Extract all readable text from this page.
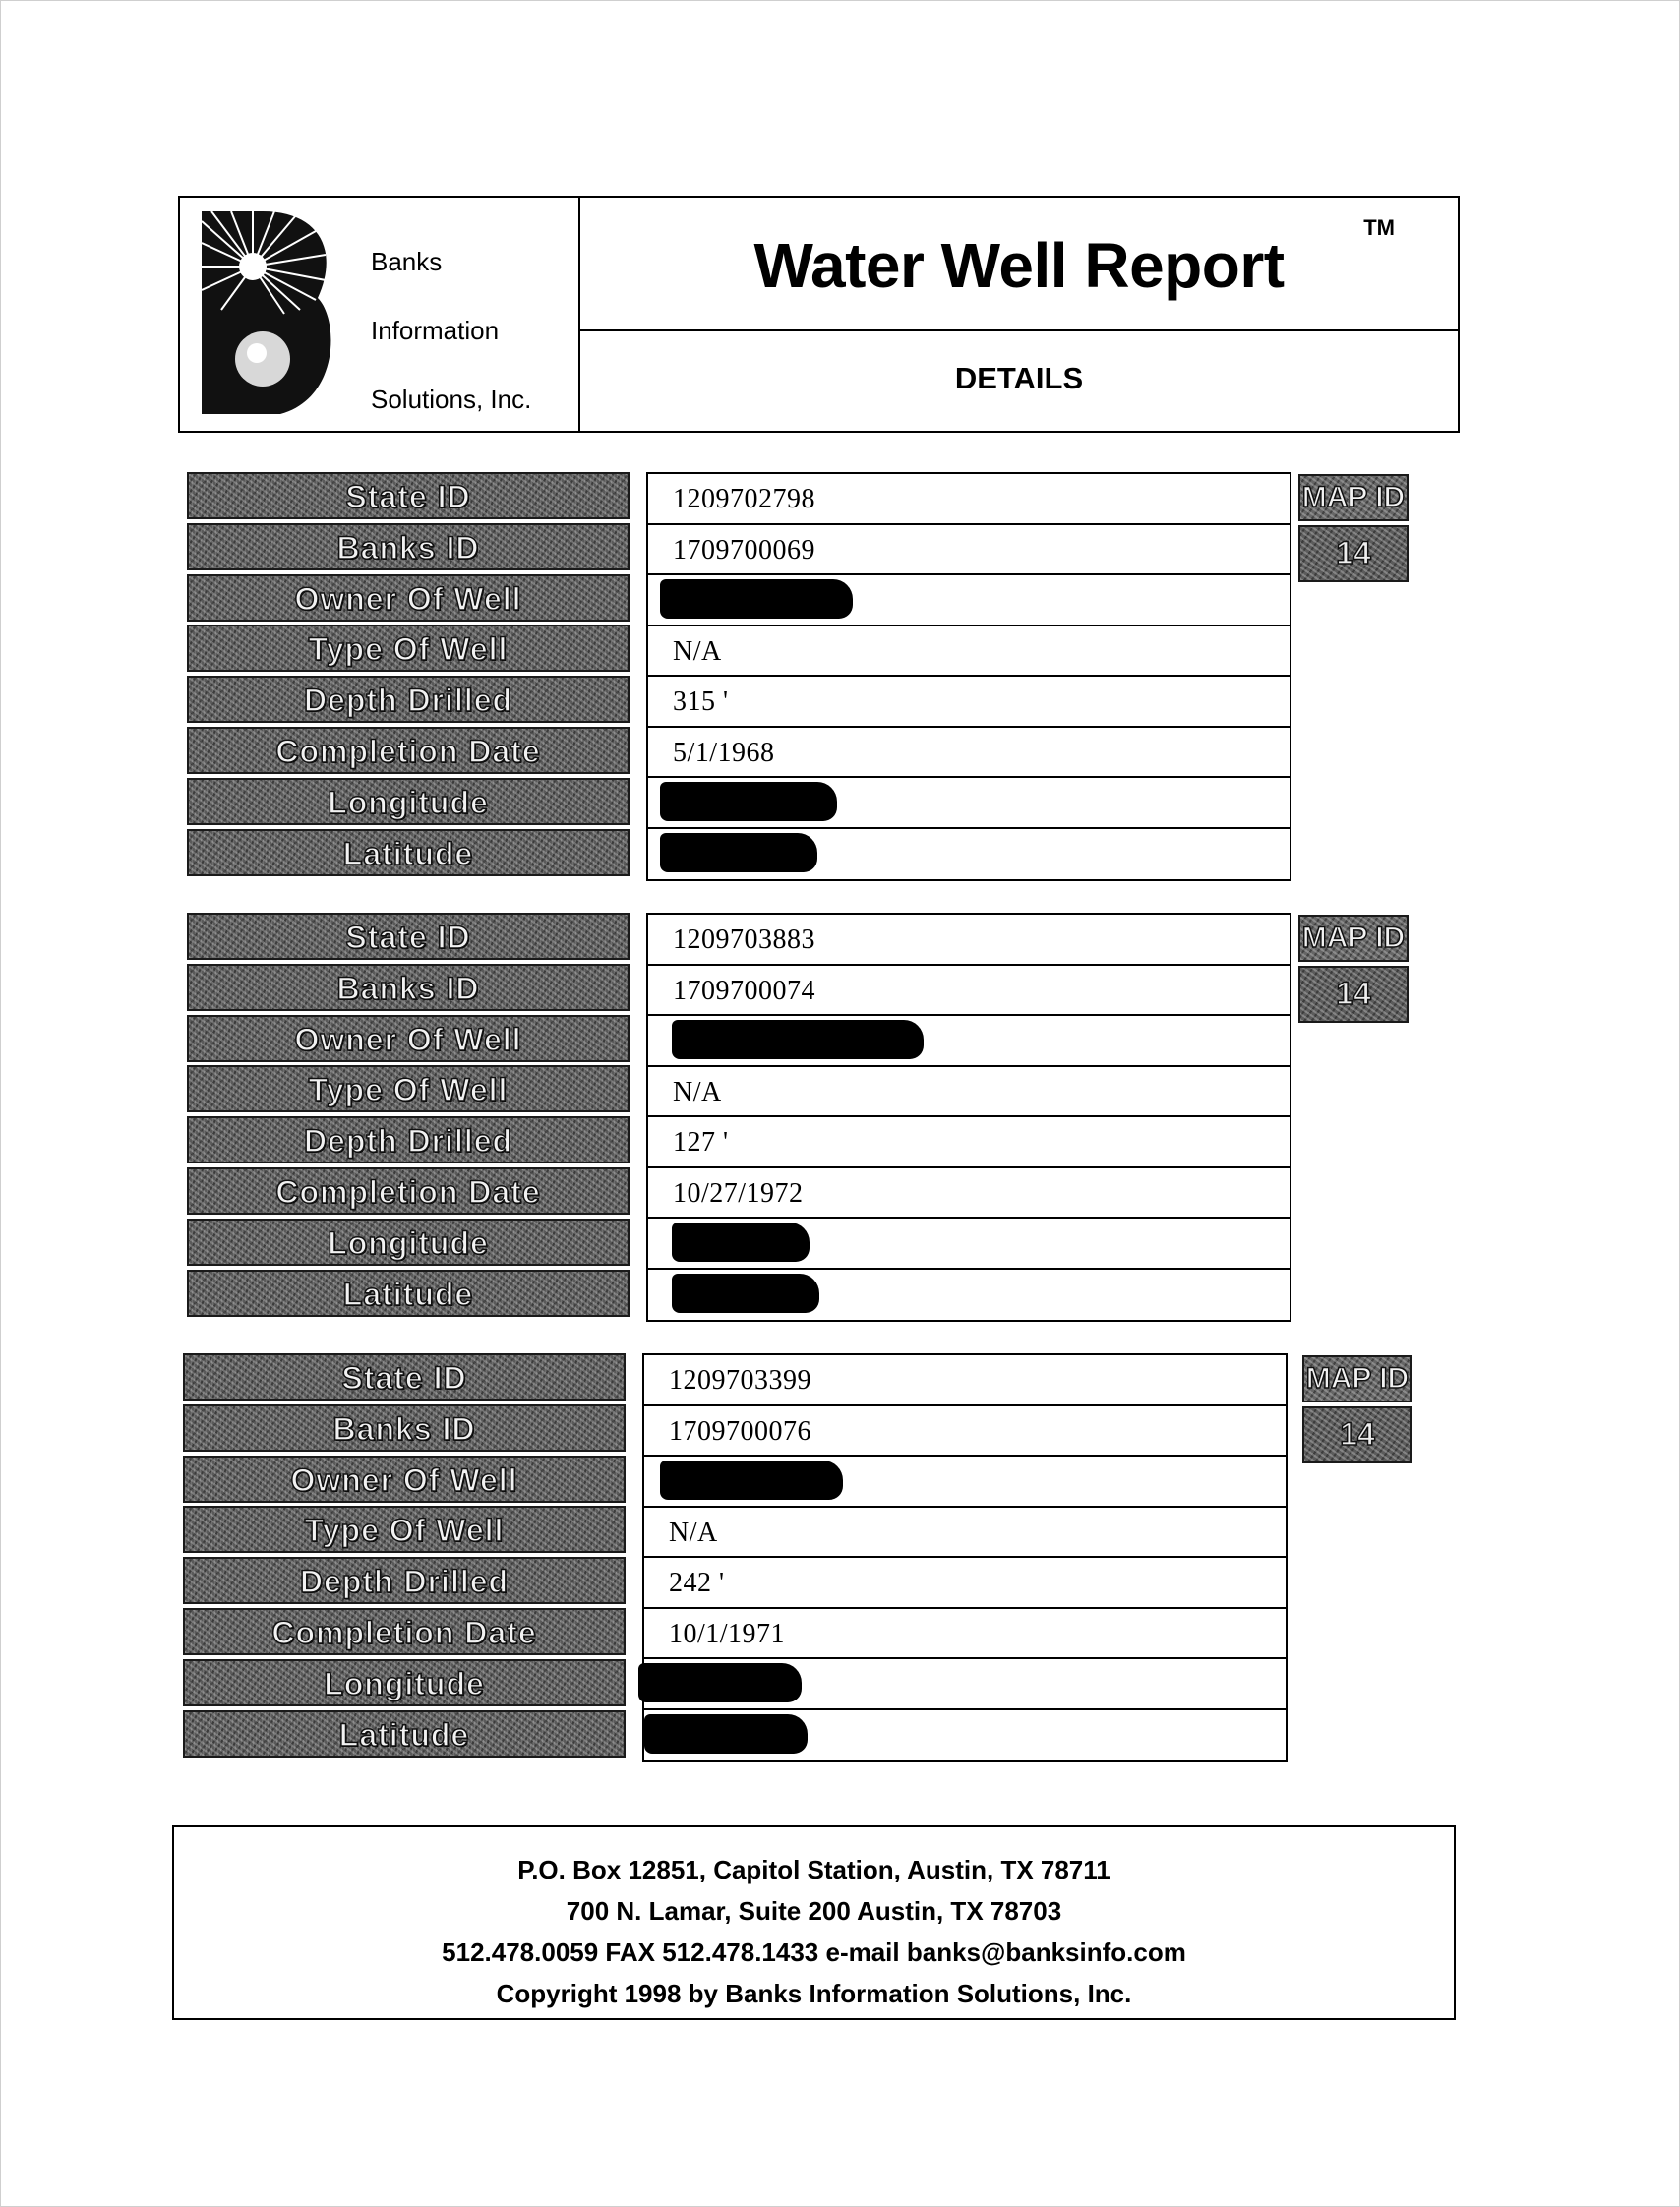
Banks
Information
Solutions, Inc.
Water Well Report
TM
DETAILS
State ID
Banks ID
Owner Of Well
Type Of Well
Depth Drilled
Completion Date
Longitude
Latitude
1209702798
1709700069
N/A
315 '
5/1/1968
MAP ID
14
State ID
Banks ID
Owner Of Well
Type Of Well
Depth Drilled
Completion Date
Longitude
Latitude
1209703883
1709700074
N/A
127 '
10/27/1972
MAP ID
14
State ID
Banks ID
Owner Of Well
Type Of Well
Depth Drilled
Completion Date
Longitude
Latitude
1209703399
1709700076
N/A
242 '
10/1/1971
MAP ID
14
P.O. Box 12851, Capitol Station, Austin, TX 78711
700 N. Lamar, Suite 200 Austin, TX 78703
512.478.0059 FAX 512.478.1433 e-mail banks@banksinfo.com
Copyright 1998 by Banks Information Solutions, Inc.
